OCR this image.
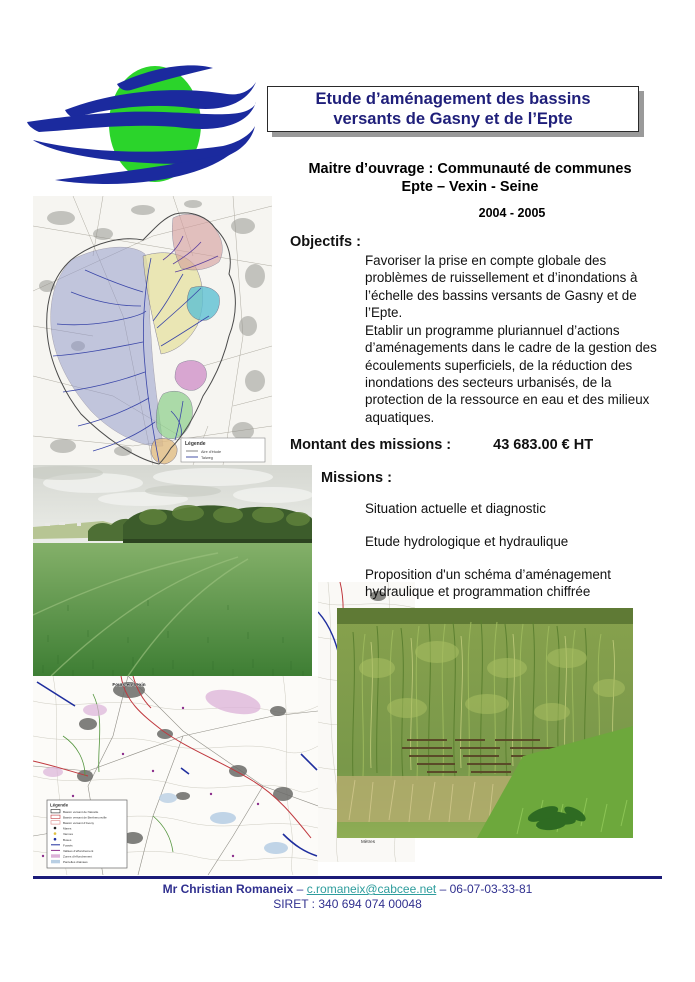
Etude d’aménagement des bassins
versants de Gasny et de l’Epte
Maitre d’ouvrage : Communauté de communes
Epte – Vexin - Seine
2004 - 2005
Objectifs :

Favoriser la prise en compte globale des problèmes de ruissellement et d’inondations à l’échelle des bassins versants de Gasny et de l’Epte.

Etablir un programme pluriannuel d’actions d’aménagements dans le cadre de la gestion des écoulements superficiels, de la réduction des inondations des secteurs urbanisés, de la protection de la ressource en eau et des milieux aquatiques.

Montant des missions :	43 683.00 € HT
Missions :
Situation actuelle et diagnostic
Etude hydrologique et hydraulique
Proposition d'un schéma d’aménagement hydraulique et programmation chiffrée
Légende
Aire d'étude
Talweg
Fours-en-Vexin
Légende
Bassin versant de Niécelle
Bassin versant de Berthenonville
Bassin versant d'Aveny
Mares
Vannes
Buses
Fossés
Vallées d'effondrement
Zones d'effondrement
Parcelles drainées
Mètres
Mr Christian Romaneix – c.romaneix@cabcee.net – 06-07-03-33-81
SIRET : 340 694 074 00048
